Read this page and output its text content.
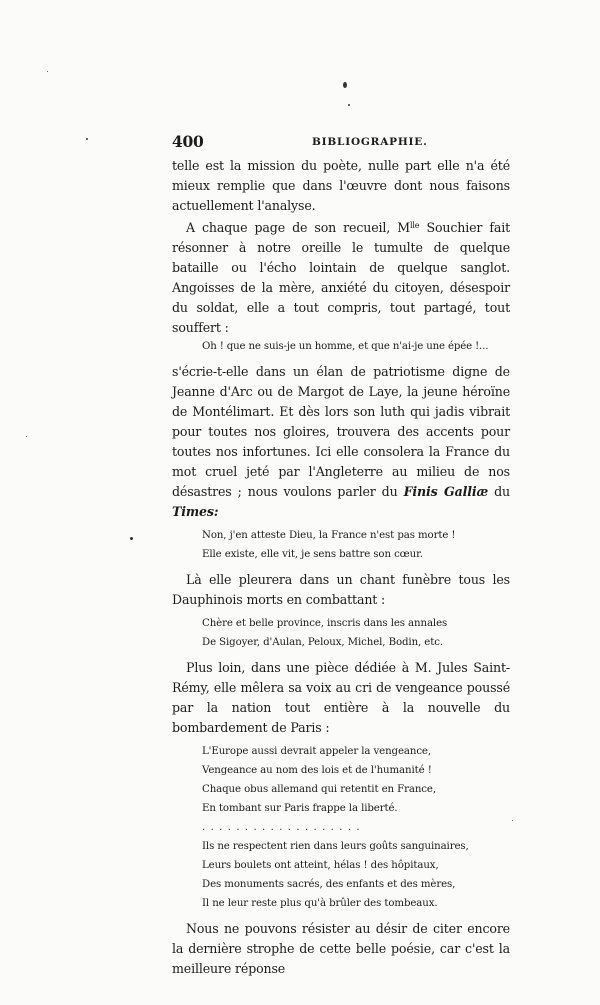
400	BIBLIOGRAPHIE.

telle est la mission du poète, nulle part elle n'a été mieux remplie que dans l'œuvre dont nous faisons actuellement l'analyse.

A chaque page de son recueil, $M^{lle}$ Souchier fait résonner à notre oreille le tumulte de quelque bataille ou l'écho lointain de quelque sanglot. Angoisses de la mère, anxiété du citoyen, désespoir du soldat, elle a tout compris, tout partagé, tout souffert :

Oh ! que ne suis-je un homme, et que n'ai-je une épée !...

s'écrie-t-elle dans un élan de patriotisme digne de Jeanne d'Arc ou de Margot de Laye, la jeune héroïne de Montélimart. Et dès lors son luth qui jadis vibrait pour toutes nos gloires, trouvera des accents pour toutes nos infortunes. Ici elle consolera la France du mot cruel jeté par l'Angleterre au milieu de nos désastres ; nous voulons parler du Finis Galliæ du Times:

Non, j'en atteste Dieu, la France n'est pas morte !
Elle existe, elle vit, je sens battre son cœur.

Là elle pleurera dans un chant funèbre tous les Dauphinois morts en combattant :

Chère et belle province, inscris dans les annales
De Sigoyer, d'Aulan, Peloux, Michel, Bodin, etc.

Plus loin, dans une pièce dédiée à M. Jules Saint-Rémy, elle mêlera sa voix au cri de vengeance poussé par la nation tout entière à la nouvelle du bombardement de Paris :

L'Europe aussi devrait appeler la vengeance,
Vengeance au nom des lois et de l'humanité !
Chaque obus allemand qui retentit en France,
En tombant sur Paris frappe la liberté.
...................
Ils ne respectent rien dans leurs goûts sanguinaires,
Leurs boulets ont atteint, hélas ! des hôpitaux,
Des monuments sacrés, des enfants et des mères,
Il ne leur reste plus qu'à brûler des tombeaux.

Nous ne pouvons résister au désir de citer encore la dernière strophe de cette belle poésie, car c'est la meilleure réponse
